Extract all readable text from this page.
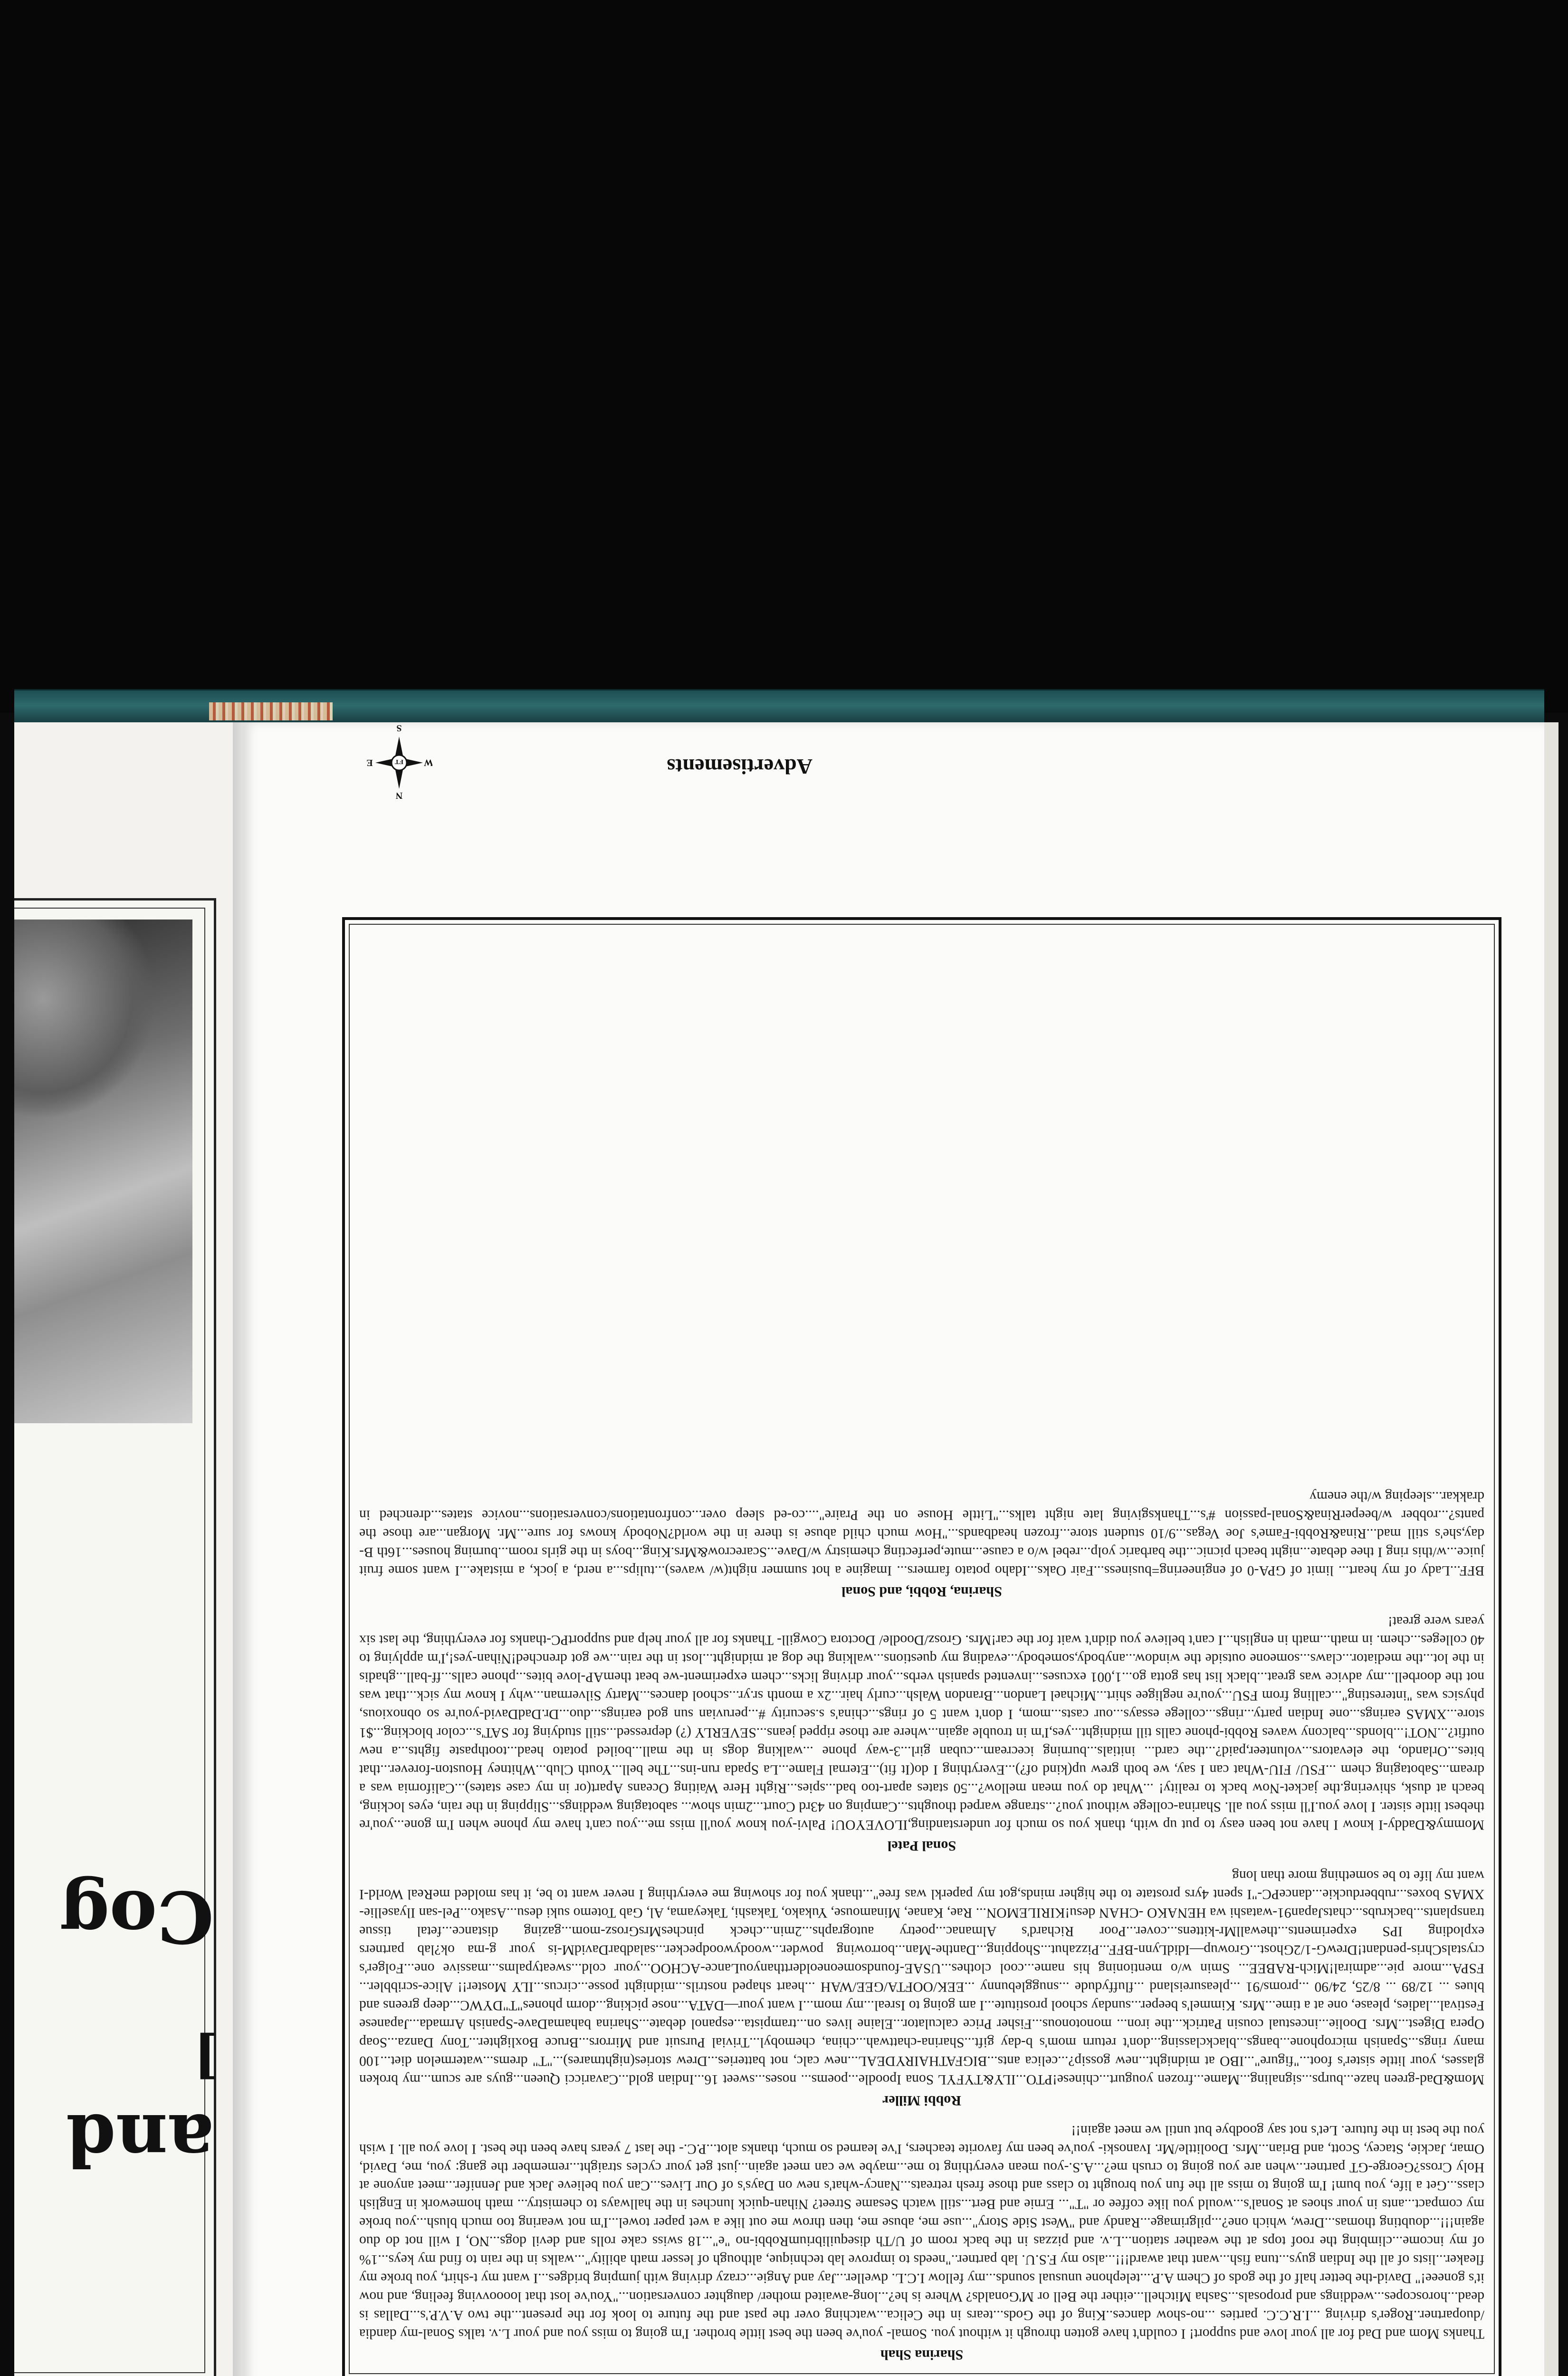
Cog
]
and
Advertisements
FT
N
S
E	W
Sharina Shah
Thanks Mom and Dad for all your love and support! I couldn't have gotten through it without you. Somal- you've been the best little brother. I'm going to miss you and your L.v. talks Sonal-my dandia /duopartner..Roger's driving ...I.R.C.C. parties ...no-show dances..King of the Gods...tears in the Celica...watching over the past and the future to look for the present...the two A.V.P.'s...Dallas is dead...horoscopes...weddings and proposals...Sasha Mitchell...either the Bell or M'Gonalds? Where is he?...long-awaited mother/ daughter conversation..."You've lost that loooovving feeling, and now it's goneee!" David-the better half of the gods of Chem A.P....telephone unusual sounds...my fellow I.C.L. dweller...Jay and Angie...crazy driving with jumping bridges...I want my t-shirt, you broke my fleaker...lists of all the Indian guys...tuna fish...want that award!!!...also my F.S.U. lab partner.."needs to improve lab technique, although of lesser math ability"...walks in the rain to find my keys...1% of my income...climbing the roof tops at the weather station...L.v. and pizzas in the back room of U/Th disequilibriumRobbi-no "e"...18 swiss cake rolls and devil dogs...NO, I will not do duo again!!!...doubting thomas...Drew, which one?...pilgrimage...Randy and "West Side Story"...use me, abuse me, then throw me out like a wet paper towel...I'm not wearing too much blush...you broke my compact...ants in your shoes at Sonal's...would you like coffee or "T"... Ernie and Bert...still watch Sesame Street? Nihan-quick lunches in the hallways to chemistry... math homework in English class...Get a life, you bum! I'm going to miss all the fun you brought to class and those fresh retreats...Nancy-what's new on Days's of Our Lives...Can you believe Jack and Jennifer...meet anyone at Holy Cross?George-GT partner...when are you going to crush me?...A.S.-you mean everything to me...maybe we can meet again...just get your cycles straight...remember the gang: you, me, David, Omar, Jackie, Stacey, Scott, and Brian...Mrs. Doolittle/Mr. Ivanoski- you've been my favorite teachers, I've learned so much, thanks alot...P.C.- the last 7 years have been the best. I love you all. I wish you the best in the future. Let's not say goodbye but until we meet again!!
Robbi Miller
Mom&Dad-green haze...burps...signaling...Mame...frozen yougurt...chinese!PTO...ILY&TYFYL Sona Ipoodle...poems... noses...sweet 16...Indian gold...Cavaricci Queen...guys are scum...my broken glasses, your little sister's foot..."figure"...IBO at midnight...new gossip?...celica ants...BIGFATHAIRYDEAL...new calc, not batteries...Drew stories(nightmares)..."T" drems...watermelon diet...100 many rings...Spanish microphone...bangs...blackclassing...don't return mom's b-day gift...Sharina-chattwah...china, chemobyl...Trivial Pursuit and Mirrors...Bruce Boxlighter...Tony Danza...Soap Opera Digest...Mrs. Doolie...incestual cousin Patrick...the iron... monotonous...Fisher Price calculator...Elaine lives on...trampista...espanol debate...Sharina bahamaDave-Spanish Armada...Japanese Festival...ladies, please, one at a time...Mrs. Kimmel's beeper...sunday school prostitute...I am going to Isreal...my mom...I want your—DATA...nose picking...dorm phones"T"DYWC...deep greens and blues ... 12/89 ... 8/25, 24/90 ...proms/91 ...pleasureisland ...fluffydude ...snugglebunny ...EEK/OOFTA/GEE/WAH ...heart shaped nostrils...midnight posse...circus...ILY Moster!! Alice-scribbler... FSPA...more pie...admiral!Mich-RABEE... Smin w/o mentioning his name...cool clothes...USAE-foundsomeoneoldertthanyouLance-ACHOO...your cold...sweatypalms...massive one...Folger's crystalsChris-pendant!DrewG-1/2Ghost...Growup—IdidLynn-BFF...Pizzahut...Shopping...Danthe-Man...borrowing powder...woodywoodpecker...saladbarDavidM-is your g-ma ok?lab partners exploding IPS experiments...thewallMr-kittens...cover...Poor Richard's Almanac...poetry autographs...2min...check pinchesMrsGrosz-mom...gazing distance...fetal tissue transplants...backrubs...chatsJapan91-watashi wa HENAKO -CHAN desu!KIRILEMON... Rae, Kanae, Minamouse, Yukako, Takashi, Takeyama, Al, Gab Totemo suki desu...Asako...Pel-san Ilyasellie-XMAS boxes...rubberduckie...dancePC-"I spent 4yrs prostate to the higher minds,got my paperkl was free"...thank you for showing me everything I never want to be, it has molded meReal World-I want my life to be something more than long
Sonal Patel
Mommy&Daddy-I know I have not been easy to put up with, thank you so much for understanding,ILOVEYOU! Palvi-you know you'll miss me...you can't have my phone when I'm gone...you're thebest little sister. I love you.I'll miss you all. Sharina-college without you?...strange warped thoughts...Camping on 43rd Court...2min show... sabotaging weddings...Slipping in the rain, eyes locking, beach at dusk, shivering.the jacket-Now back to reality! ...What do you mean mellow?...50 states apart-too bad...spies...Right Here Waiting Oceans Apart(or in my case states)...California was a dream...Sabotaging chem ...FSU/ FIU-What can I say, we both grew up(kind of?)...Everything I do(It fit)...Eternal Flame...La Spada run-ins...The bell...Youth Club...Whitney Houston-forever...that bites...Orlando, the elevators...volunteer,paid?...the card... initials...burning icecream...cuban girl...3-way phone ...walking dogs in the mall...boiled potato head...toothpaste fights...a new outfit?...NOT!...blonds...balcony waves Robbi-phone calls till midnight...yes,I'm in trouble again...where are those ripped jeans...SEVERLY (?) depressed...still studying for SAT's...color blocking...$1 store...XMAS earings...one Indian party...rings...college essays...our casts...mom, I don't want 5 of rings...china's s.security #...peruvian sun god earings...duo...Dr.DadDavid-you're so obnoxious, physics was "interesting"...calling from FSU...you're negligee shirt...Michael Landon...Brandon Walsh...curly hair...2x a month sr.yr...school dances...Marty Silverman...why I know my sick...that was not the doorbell...my advice was great...black list has gotta go...1,001 excuses...invented spanish verbs...your driving licks...chem experiment-we beat themAP-love bites...phone calls...ff-ball...ghadis in the lot...the mediator...claws...someone outside the window...anybody,somebody...evading my questions...walking the dog at midnight...lost in the rain...we got drenched!Nihan-yes!,I'm applying to 40 colleges...chem. in math...math in english...I can't believe you didn't wait for the car!Mrs. Grosz/Doodle/ Doctora Cowgill- Thanks for all your help and supportPC-thanks for everything, the last six years were great!
Sharina, Robbi, and Sonal
BFF...Lady of my heart... limit of GPA-0 of engineering=business...Fair Oaks...Idaho potato farmers... Imagine a hot summer night(w/ waves)...tulips...a nerd, a jock, a mistake...I want some fruit juice...w/this ring I thee debate...night beach picnic...the barbaric yolp...rebel w/o a cause...mute,perfecting chemistry w/Dave...Scarecrow&Mrs.King...boys in the girls room...burning houses...16th B-day,she's still mad...Rina&Robbi-Fame's Joe Vegas...9/10 student store...frozen headbands..."How much child abuse is there in the world?Nobody knows for sure...Mr. Morgan...are those the pants?...robber w/beeperRina&Sonal-passion #'s...Thanksgiving late night talks..."Little House on the Praire"....co-ed sleep over...confrontations/conversations...novice states...drenched in drakkar...sleeping w/the enemy
